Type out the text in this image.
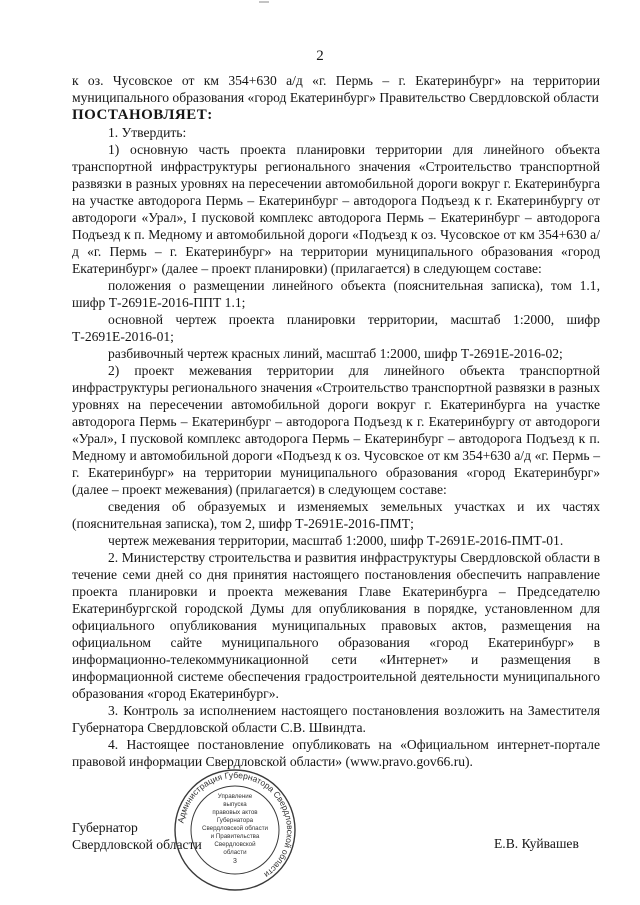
2

к оз. Чусовское от км 354+630 а/д «г. Пермь – г. Екатеринбург» на территории муниципального образования «город Екатеринбург» Правительство Свердловской области

ПОСТАНОВЛЯЕТ:

1. Утвердить:

1) основную часть проекта планировки территории для линейного объекта транспортной инфраструктуры регионального значения «Строительство транспортной развязки в разных уровнях на пересечении автомобильной дороги вокруг г. Екатеринбурга на участке автодорога Пермь – Екатеринбург – автодорога Подъезд к г. Екатеринбургу от автодороги «Урал», I пусковой комплекс автодорога Пермь – Екатеринбург – автодорога Подъезд к п. Медному и автомобильной дороги «Подъезд к оз. Чусовское от км 354+630 а/д «г. Пермь – г. Екатеринбург» на территории муниципального образования «город Екатеринбург» (далее – проект планировки) (прилагается) в следующем составе:

положения о размещении линейного объекта (пояснительная записка), том 1.1, шифр Т-2691Е-2016-ППТ 1.1;

основной чертеж проекта планировки территории, масштаб 1:2000, шифр Т-2691Е-2016-01;

разбивочный чертеж красных линий, масштаб 1:2000, шифр Т-2691Е-2016-02;

2) проект межевания территории для линейного объекта транспортной инфраструктуры регионального значения «Строительство транспортной развязки в разных уровнях на пересечении автомобильной дороги вокруг г. Екатеринбурга на участке автодорога Пермь – Екатеринбург – автодорога Подъезд к г. Екатеринбургу от автодороги «Урал», I пусковой комплекс автодорога Пермь – Екатеринбург – автодорога Подъезд к п. Медному и автомобильной дороги «Подъезд к оз. Чусовское от км 354+630 а/д «г. Пермь – г. Екатеринбург» на территории муниципального образования «город Екатеринбург» (далее – проект межевания) (прилагается) в следующем составе:

сведения об образуемых и изменяемых земельных участках и их частях (пояснительная записка), том 2, шифр Т-2691Е-2016-ПМТ;

чертеж межевания территории, масштаб 1:2000, шифр Т-2691Е-2016-ПМТ-01.

2. Министерству строительства и развития инфраструктуры Свердловской области в течение семи дней со дня принятия настоящего постановления обеспечить направление проекта планировки и проекта межевания Главе Екатеринбурга – Председателю Екатеринбургской городской Думы для опубликования в порядке, установленном для официального опубликования муниципальных правовых актов, размещения на официальном сайте муниципального образования «город Екатеринбург» в информационно-телекоммуникационной сети «Интернет» и размещения в информационной системе обеспечения градостроительной деятельности муниципального образования «город Екатеринбург».

3. Контроль за исполнением настоящего постановления возложить на Заместителя Губернатора Свердловской области С.В. Швиндта.

4. Настоящее постановление опубликовать на «Официальном интернет-портале правовой информации Свердловской области» (www.pravo.gov66.ru).

Губернатор
Свердловской области	Е.В. Куйвашев
Администрация Губернатора Свердловской области
Управление
выпуска
правовых актов
Губернатора
Свердловской области
и Правительства
Свердловской
области
3
